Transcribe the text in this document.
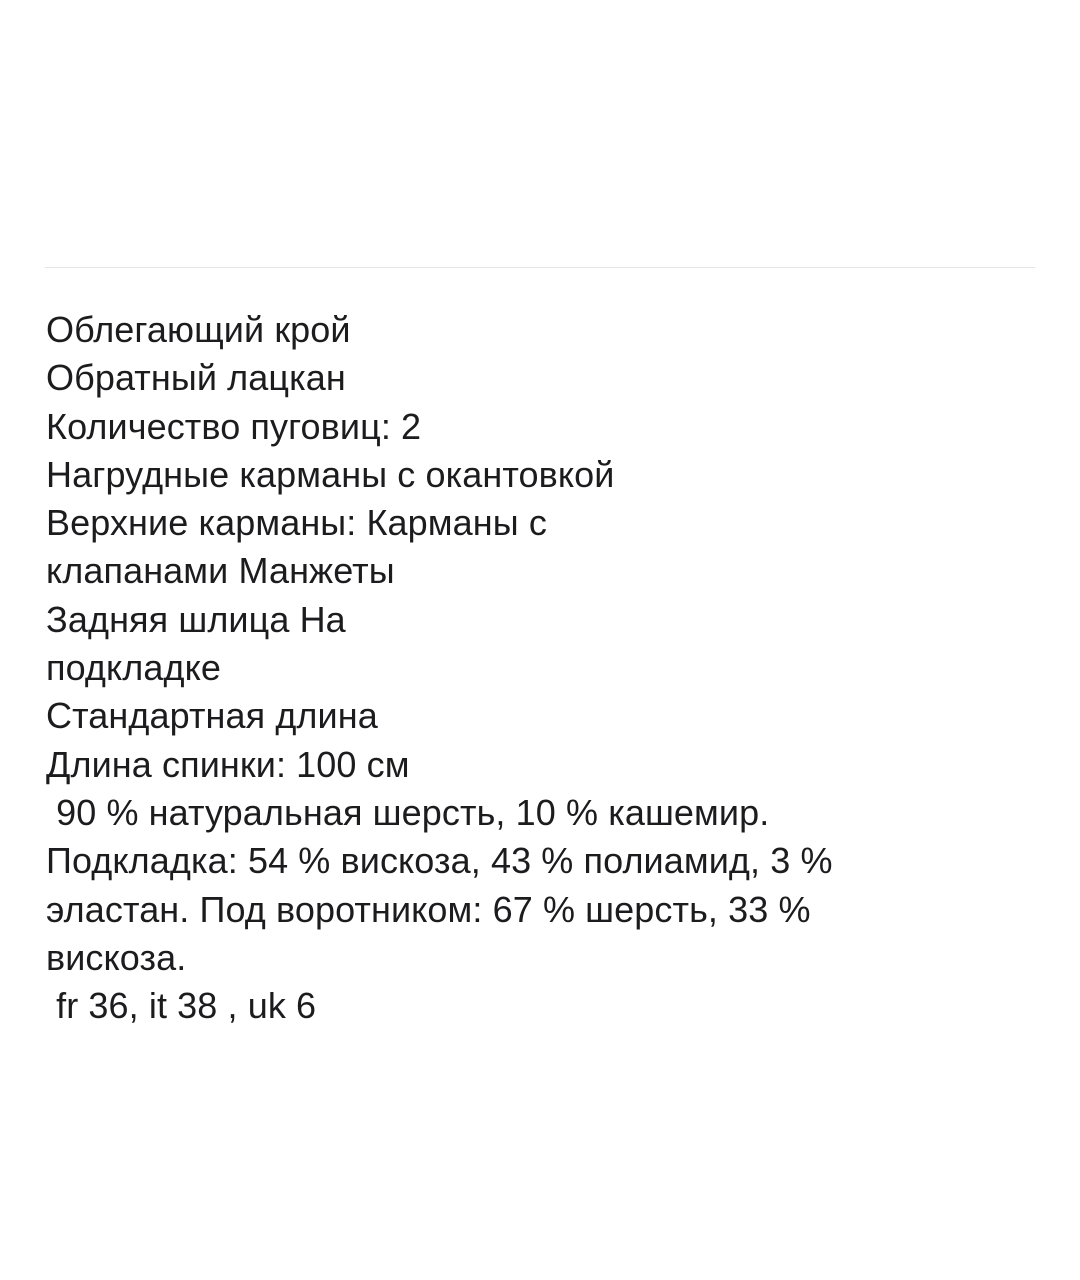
Облегающий крой
Обратный лацкан
Количество пуговиц: 2
Нагрудные карманы с окантовкой
Верхние карманы: Карманы с
клапанами Манжеты
Задняя шлица На
подкладке
Стандартная длина
Длина спинки: 100 см
90 % натуральная шерсть, 10 % кашемир.
Подкладка: 54 % вискоза, 43 % полиамид, 3 %
эластан. Под воротником: 67 % шерсть, 33 %
вискоза.
fr 36, it 38 , uk 6
